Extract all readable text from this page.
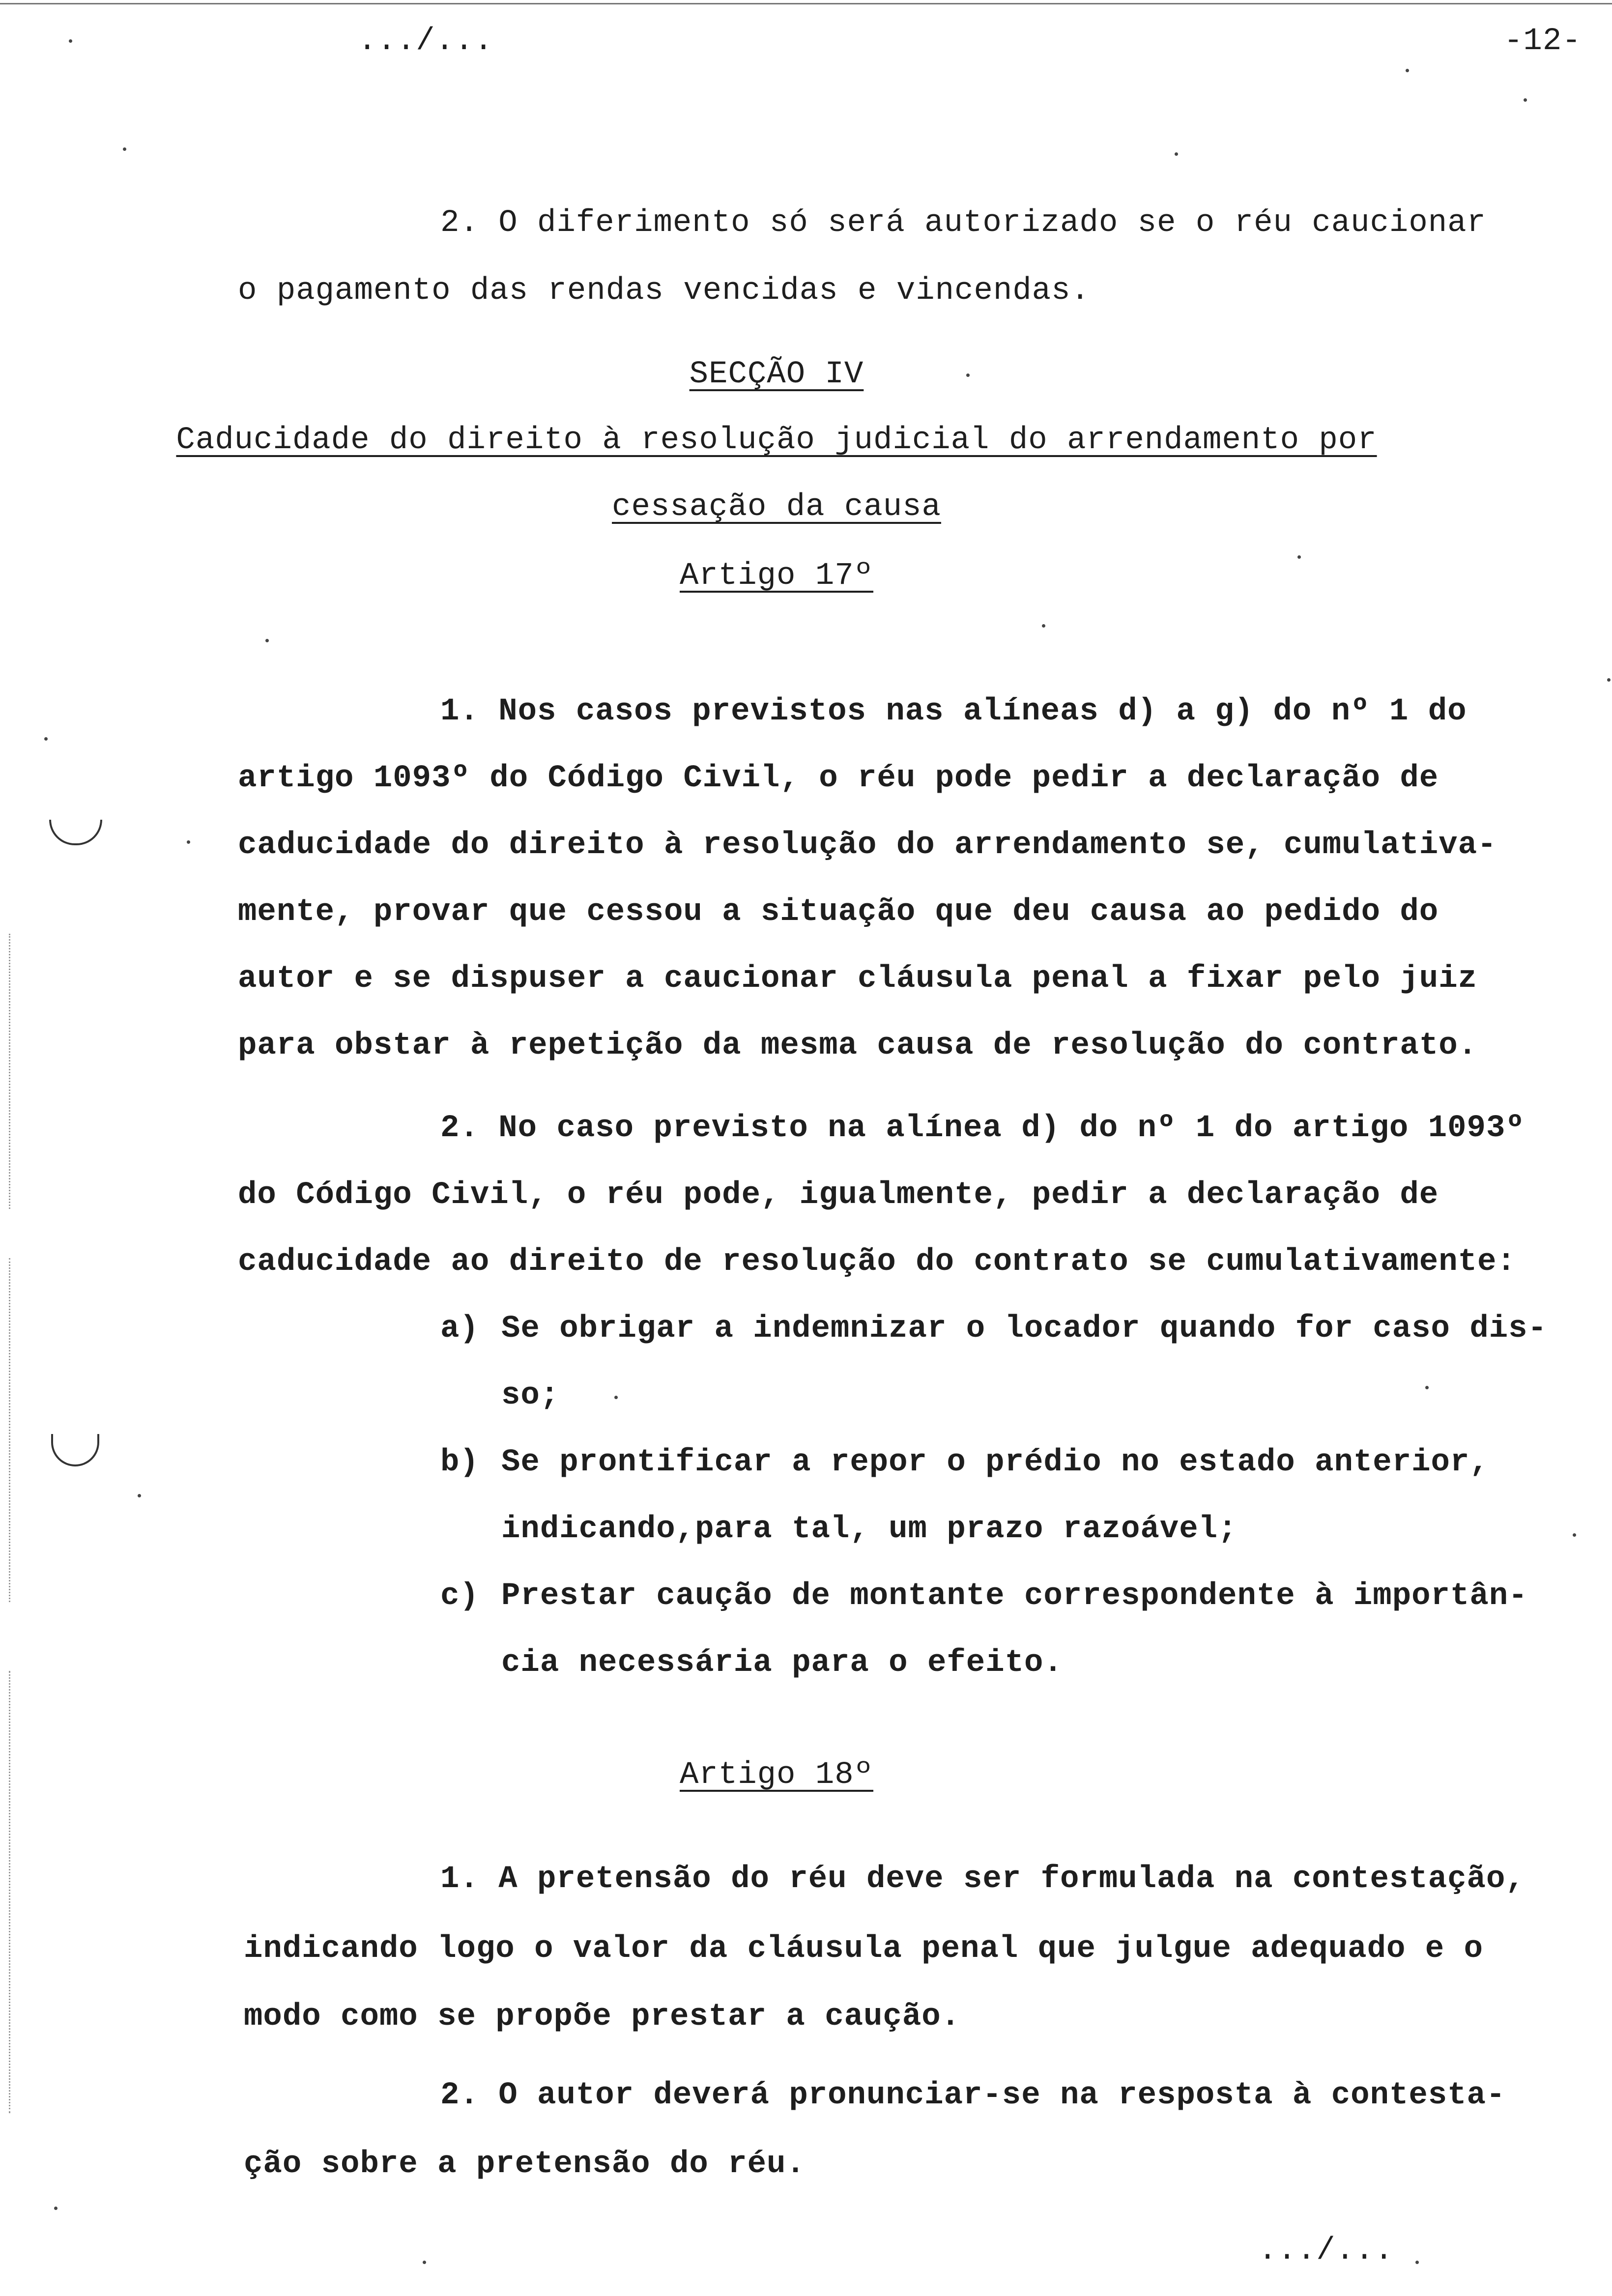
.../...	-12-
2. O diferimento só será autorizado se o réu caucionar
o pagamento das rendas vencidas e vincendas.
SECÇÃO IV
Caducidade do direito à resolução judicial do arrendamento por
cessação da causa
Artigo 17º
1. Nos casos previstos nas alíneas d) a g) do nº 1 do
artigo 1093º do Código Civil, o réu pode pedir a declaração de
caducidade do direito à resolução do arrendamento se, cumulativa-
mente, provar que cessou a situação que deu causa ao pedido do
autor e se dispuser a caucionar cláusula penal a fixar pelo juiz
para obstar à repetição da mesma causa de resolução do contrato.
2. No caso previsto na alínea d) do nº 1 do artigo 1093º
do Código Civil, o réu pode, igualmente, pedir a declaração de
caducidade ao direito de resolução do contrato se cumulativamente:
a) Se obrigar a indemnizar o locador quando for caso dis-
so;
b) Se prontificar a repor o prédio no estado anterior,
indicando,para tal, um prazo razoável;
c) Prestar caução de montante correspondente à importân-
cia necessária para o efeito.
Artigo 18º
1. A pretensão do réu deve ser formulada na contestação,
indicando logo o valor da cláusula penal que julgue adequado e o
modo como se propõe prestar a caução.
2. O autor deverá pronunciar-se na resposta à contesta-
ção sobre a pretensão do réu.
.../...
